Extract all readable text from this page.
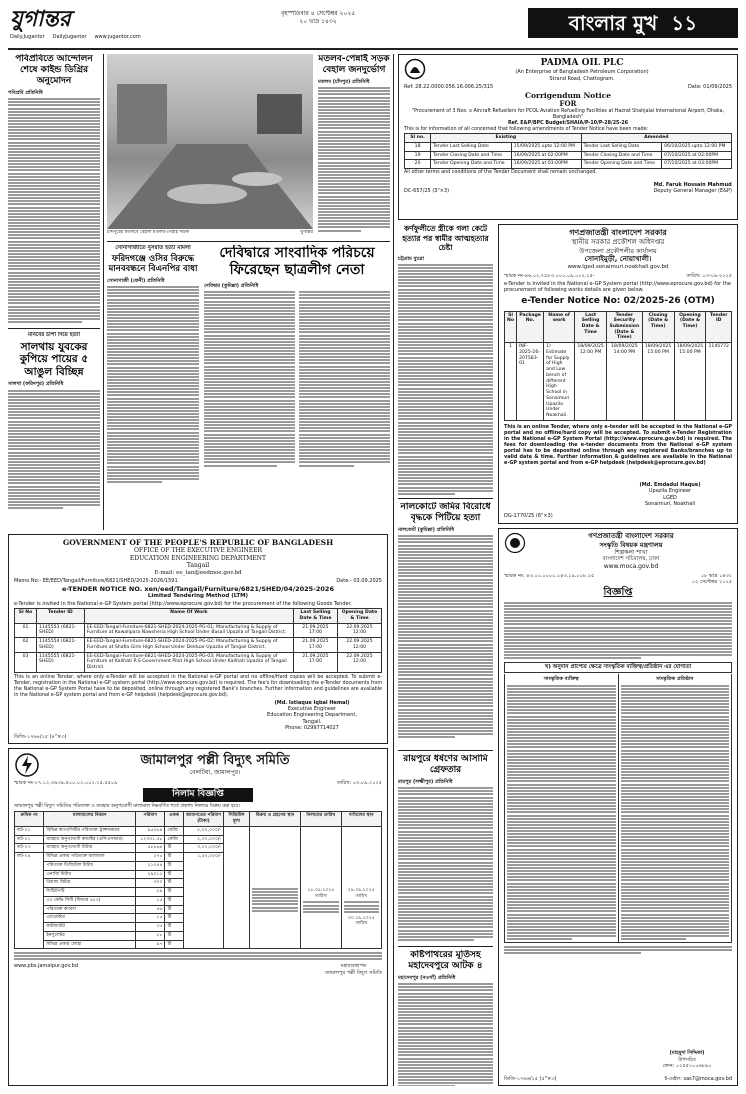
যুগান্তর
Daily.Jugantor DailyJugantor www.jugantor.com
বৃহস্পতিবার ৪ সেপ্টেম্বর ২০২৫
২০ ভাদ্র ১৪৩২	বাংলার মুখ ১১
পবিপ্রবিতে আন্দোলন শেষে কাইন্ড ডিগ্রির অনুমোদন
পবিপ্রবি প্রতিনিধি
মানবের চাপা দিয়ে হত্যা
সালথায় যুবকের কুপিয়ে পায়ের ৫ আঙুল বিচ্ছিন্ন
সালথা (ফরিদপুর) প্রতিনিধি
চাঁদপুরের মতলবে বেহাল মতলব-পেন্নাই সড়ক	যুগান্তর
মতলব-পেন্নাই সড়ক বেহাল জনদুর্ভোগ
মতলব (চাঁদপুর) প্রতিনিধি
সোনাগাজীতে নুসরাত হত্যা মামলা
ফরিদগঞ্জে ওসির বিরুদ্ধে মানববন্ধনে বিএনপির বাধা
সোনাগাজী (ফেনী) প্রতিনিধি
দেবিদ্বারে সাংবাদিক পরিচয়ে ফিরেছেন ছাত্রলীগ নেতা
দেবিদ্বার (কুমিল্লা) প্রতিনিধি
GOVERNMENT OF THE PEOPLE'S REPUBLIC OF BANGLADESH
OFFICE OF THE EXECUTIVE ENGINEER
EDUCATION ENGINEERING DEPARTMENT
Tangail
E-mail: ee_tan@eedmoe.gov.bd
Memo No:- EE/EED/Tangail/Furniture/6821/SHED/2025-2026/1591	Date:- 03.09.2025
e-TENDER NOTICE NO. xen/eed/Tangail/Furniture/6821/SHED/04/2025-2026
Limited Tendering Method (LTM)
e-Tender is invited in the National e-GP System portal (http://www.eprocure.gov.bd) for the procurement of the following Goods Tender.
Sl No	Tender ID	Name Of Work	Last Selling Date & Time	Opening Date & Time
01	1145553 (6821-SHED)	EE-EED-Tangail-Furniture-6821-SHED-2024-2025-PG-01; Manufacturing & Supply of Furniture at Kawalipara Nawsheria High School Under Basail Upazila of Tangail District.	21.09.2025 17:00	22.09.2025 12:00
02	1145554 (6821-SHED)	EE-EED-Tangail-Furniture-6821-SHED-2024-2025-PG-02; Manufacturing & Supply of Furniture at Shafia Girls High School Under Delduar Upazila of Tangail District.	21.09.2025 17:00	22.09.2025 12:00
03	1145555 (6821-SHED)	EE-EED-Tangail-Furniture-6821-SHED-2024-2025-PG-03; Manufacturing & Supply of Furniture at Kalihati R.S Government Pilot High School Under Kalihati Upazila of Tangail District.	21.09.2025 17:00	22.09.2025 12:00
This is an online Tender, where only e-Tender will be accepted in the National e-GP portal and no offline/Hard copies will be accepted. To submit e-Tender, registration in the National e-GP system portal (http://www.eprocure.gov.bd) is required. The fee's for downloading the e-Tender documents from the National e-GP System Portal have to be deposited, online through any registered Bank's branches. Further information and guidelines are available in the National e-GP system portal and from e-GP helpdesk (helpdesk@eprocure.gov.bd).
(Md. Istiaque Iqbal Hemal)
Executive Engineer
Education Engineering Department,
Tangail.
Phone: 02997714027
ডিজি-১৭৬৮/২৫ (৪"×৩)
জামালপুর পল্লী বিদ্যুৎ সমিতি
বেলটিয়া, জামালপুর।
স্মারক নং-২৭.১২.৩৯৩৯.৫০০.০২.০০২.২৫.৫৫০৯	তারিখ: ০৩.০৯.২০২৫
নিলাম বিজ্ঞপ্তি
জামালপুর পল্লী বিদ্যুৎ সমিতির পরিত্যক্ত ও ব্যবহার অনুপযোগী মালামাল নিম্নবর্ণিত শর্তে প্রকাশ্য নিলামে বিক্রয় করা হবে।
ক্রমিক নং	মালামালের বিবরণ	পরিমাণ	একক	জামানতের পরিমাণ (টাকা)	সিডিউল মূল্য	বিক্রয় ও গ্রহণের স্থান	নিলামের তারিখ	দাখিলের স্থান
লট-০১	বিভিন্ন ক্যাপাসিটির পরিত্যক্ত ট্রান্সফরমার	৯৫০৬৪	কেজি	৫,০০,০০০/-			২৮.০৯.২০২৫ তারিখ	২৯.০৯.২০২৫ তারিখ
৩০.০৯.২০২৫ তারিখ

লট-০২	ব্যবহার অনুপযোগী কন্ডাক্টর (এসিএসআর)	১২৩৩১.৫৮	কেজি	২,০০,০০০/-				
লট-০৩	ব্যবহার অনুপযোগী মিটার	৫৮৮৬৪	টি	৩,০০,০০০/-				
লট-০৪	বিভিন্ন প্রকার পরিত্যক্ত মালামাল	২৭৫	টি	১,৫০,০০০/-				
	পরিত্যক্ত ডিজিটাল মিটার	২১০৪৪	টি					
	এনার্জি মিটার	৭৯০১১	টি					
	ডিমান্ড মিটার	৩০০	টি					
	সিটি/পিটি	২৯	টি					
	৩৩ কেভি সিটি (ফিডার ৪৮০)	১৫	টি					
	পরিত্যক্ত ক্যাবল	৫৬	টি					
	এ্যারেস্টার	২৫	টি					
	কাটআউট	৩৫	টি					
	ইনসুলেটর	৮৮	টি					
	বিভিন্ন প্রকার লোহা	৯৭	টি					
www.pbs.jamalpur.gov.bd	মহাব্যবস্থাপক
জামালপুর পল্লী বিদ্যুৎ সমিতি
PADMA OIL PLC
(An Enterprise of Bangladesh Petroleum Corporation)
Strand Road, Chattogram.
Ref: 28.22.0000.056.16.006.25/315	Date: 01/09/2025
Corrigendum Notice
FOR
"Procurement of 3 Nos. x Aircraft Refuellers for PCOL Aviation Refuelling Facilities at Hazrat Shahjalal International Airport, Dhaka, Bangladesh"
Ref. E&P/BPC Budget/SHAIA/P-10/P-28/25-26
This is for information of all concerned that following amendments of Tender Notice have been made:
Sl no.	Existing		Amended	
18	Tender Last Selling Date	15/09/2025 upto 12:00 PM	Tender Last Selling Date	06/10/2025 upto 12:00 PM
19	Tender Closing Date and Time	16/09/2025 at 02:00PM	Tender Closing Date and Time	07/10/2025 at 02:00PM
20	Tender Opening Date and Time	16/09/2025 at 03:00PM	Tender Opening Date and Time	07/10/2025 at 03:00PM
All other terms and conditions of the Tender Document shall remain unchanged.
DC-657/25 (3"×3)
Md. Faruk Hossain Mahmud
Deputy General Manager (E&P)
কর্ণফুলীতে স্ত্রীকে গলা কেটে হত্যার পর স্বামীর আত্মহত্যার চেষ্টা
চট্টগ্রাম ব্যুরো
নালকোটে জমির বিরোধে বৃদ্ধকে পিটিয়ে হত্যা
নালকোট (কুমিল্লা) প্রতিনিধি
রায়পুরে ধর্ষণের আসামি গ্রেফতার
রায়পুর (লক্ষ্মীপুর) প্রতিনিধি
কষ্টিপাথরের মূর্তিসহ মহাদেবপুরে আটক ৪
মহাদেবপুর (নওগাঁ) প্রতিনিধি
গণপ্রজাতন্ত্রী বাংলাদেশ সরকার
স্থানীয় সরকার প্রকৌশল অধিদপ্তর
উপজেলা প্রকৌশলীর কার্যালয়
সোনাইমুড়ী, নোয়াখালী।
www.lged.sonaimuri.noakhali.gov.bd
স্মারক নং-৪৬.০২.৭৫৮৩.০০০.০৯.০০২.২৫-	তারিখ: ০৩-০৯-২০২৫
e-Tender is Invited in the National e-GP System portal (http://www.eprocure.gov.bd) for the procurement of following works details are given below.
e-Tender Notice No: 02/2025-26 (OTM)
Sl No	Package No.	Name of work	Last Selling Date & Time	Tender Security Submission (Date & Time)	Closing (Date & Time)	Opening (Date & Time)	Tender ID
1	INF-2025-26-207583-01	1) Estimate for Supply of High and Low bench of different High School in Sonaimuri Upazila Under Noakhali.	18/09/2025 12:00 PM	18/09/2025 14:00 PM	18/09/2025 15:00 PM	18/09/2025 15:00 PM	1145772
This is an online Tender, where only e-tender will be accepted in the National e-GP portal and no offline/hard copy will be accepted. To submit e-Tender Registration in the National e-GP System Portal (http://www.eprocure.gov.bd) is required. The fees for downloading the e-tender documents from the National e-GP system portal has to be deposited online through any registered Banks/branches up to valid date & time. Further information & guidelines are available in the National e-GP system portal and from e-GP helpdesk (helpdesk@eprocure.gov.bd)
(Md. Emdadul Haque)
Upazila Engineer
LGED
Sonaimuri, Noakhali
DG-1770/25 (6"×3)
গণপ্রজাতন্ত্রী বাংলাদেশ সরকার
সংস্কৃতি বিষয়ক মন্ত্রণালয়
শিল্পকলা শাখা
বাংলাদেশ সচিবালয়, ঢাকা
www.moca.gov.bd
স্মারক নং: ৪৩.০০.০০০০.১৪৩.১৯.০০৮.২৫	১৮ ভাদ্র ১৪৩২
০২ সেপ্টেম্বর ২০২৫
বিজ্ঞপ্তি
খ) অনুদান প্রাপ্যের ক্ষেত্রে সাংস্কৃতিক ব্যক্তিত্ব/প্রতিষ্ঠান এর যোগ্যতা
সাংস্কৃতিক ব্যক্তিত্ব	সাংস্কৃতিক প্রতিষ্ঠান
(মাহমুদা সিদ্দিকা)
উপসচিব
ফোন: ০২৫৫১০০৬৮৯০
ডিজি-১৭৬৬/২৫ (৫"×৩)	ই-মেইল: sas7@moca.gov.bd
